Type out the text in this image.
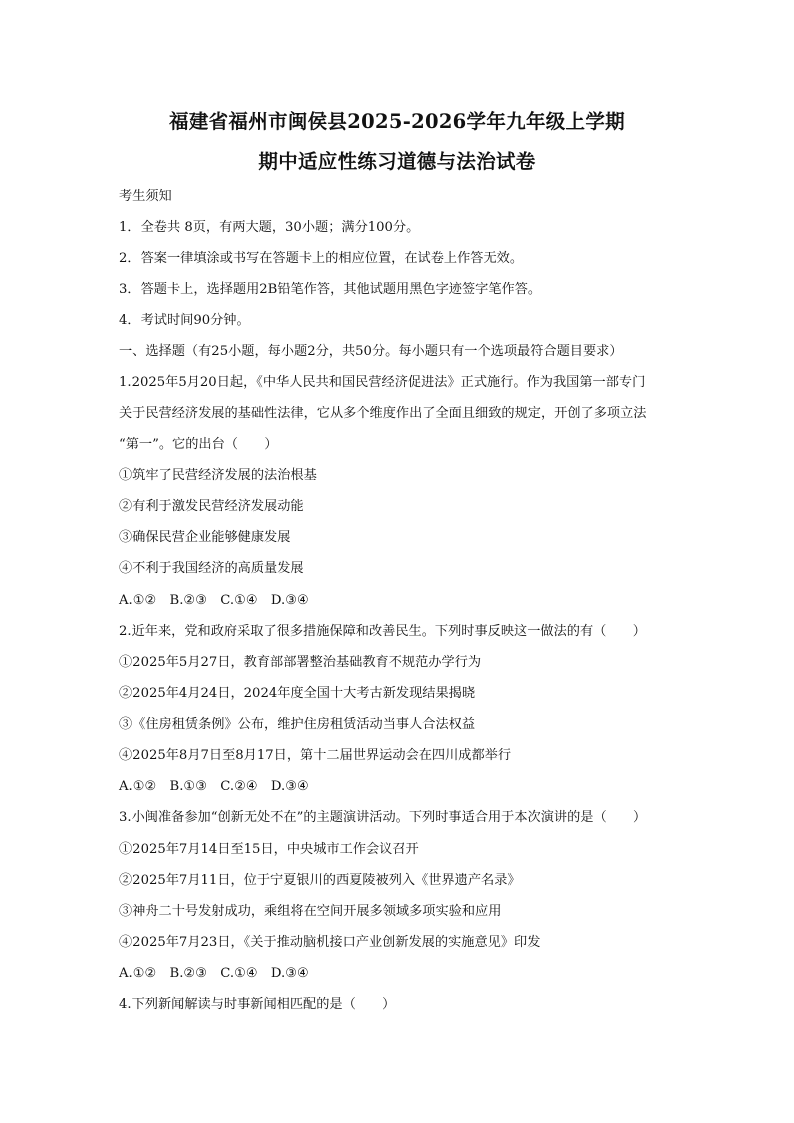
福建省福州市闽侯县2025-2026学年九年级上学期
期中适应性练习道德与法治试卷
考生须知
1．全卷共 8页，有两大题，30小题；满分100分。
2．答案一律填涂或书写在答题卡上的相应位置，在试卷上作答无效。
3．答题卡上，选择题用2B铅笔作答，其他试题用黑色字迹签字笔作答。
4．考试时间90分钟。
一、选择题（有25小题，每小题2分，共50分。每小题只有一个选项最符合题目要求）
1.2025年5月20日起，《中华人民共和国民营经济促进法》正式施行。作为我国第一部专门
关于民营经济发展的基础性法律，它从多个维度作出了全面且细致的规定，开创了多项立法
“第一”。它的出台（　　）
①筑牢了民营经济发展的法治根基
②有利于激发民营经济发展动能
③确保民营企业能够健康发展
④不利于我国经济的高质量发展
A.①②　B.②③　C.①④　D.③④
2.近年来，党和政府采取了很多措施保障和改善民生。下列时事反映这一做法的有（　　）
①2025年5月27日，教育部部署整治基础教育不规范办学行为
②2025年4月24日，2024年度全国十大考古新发现结果揭晓
③《住房租赁条例》公布，维护住房租赁活动当事人合法权益
④2025年8月7日至8月17日，第十二届世界运动会在四川成都举行
A.①②　B.①③　C.②④　D.③④
3.小闽准备参加“创新无处不在”的主题演讲活动。下列时事适合用于本次演讲的是（　　）
①2025年7月14日至15日，中央城市工作会议召开
②2025年7月11日，位于宁夏银川的西夏陵被列入《世界遗产名录》
③神舟二十号发射成功，乘组将在空间开展多领域多项实验和应用
④2025年7月23日，《关于推动脑机接口产业创新发展的实施意见》印发
A.①②　B.②③　C.①④　D.③④
4.下列新闻解读与时事新闻相匹配的是（　　）
